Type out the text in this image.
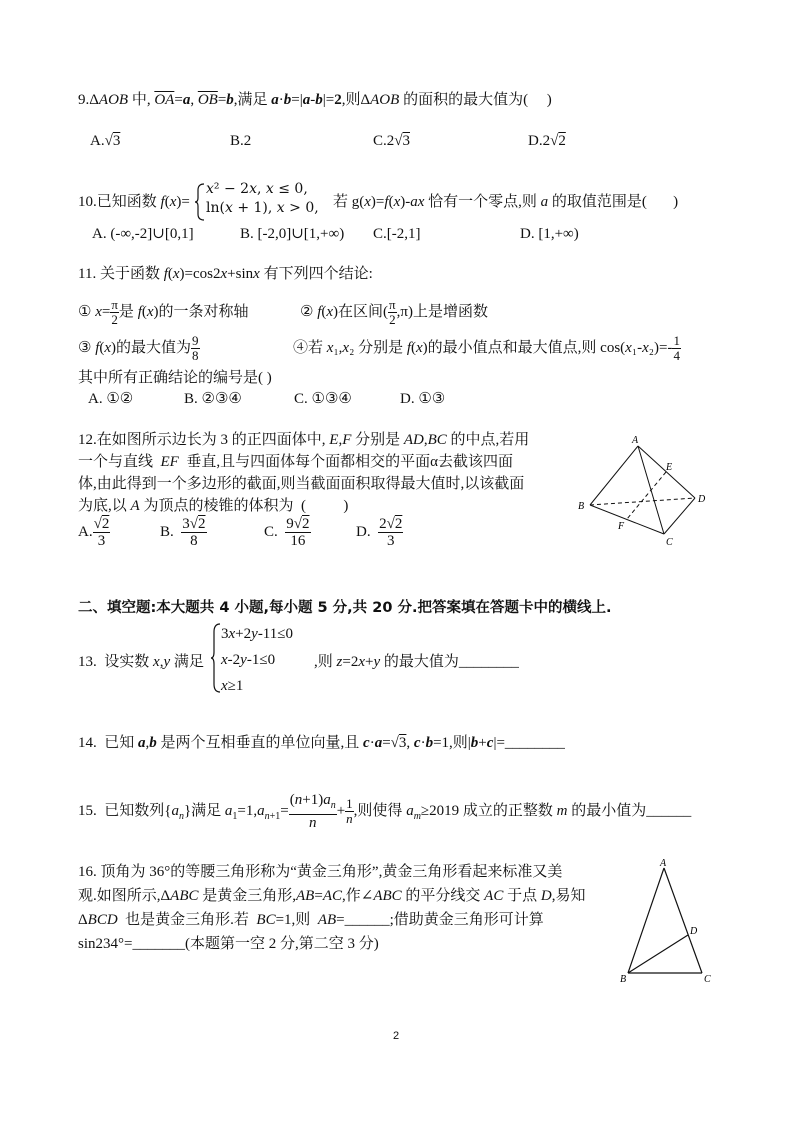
9.ΔAOB 中, $\overline{OA}=a$, $\overline{OB}=b$,满足 a·b=|a-b|=2,则ΔAOB 的面积的最大值为(     )
A.√3	B.2	C.2√3	D.2√2
10.已知函数 f(x)=
x² − 2x, x ≤ 0,
ln(x + 1), x > 0, 若 g(x)=f(x)-ax 恰有一个零点,则 a 的取值范围是(       )
A. (-∞,-2]∪[0,1]	B. [-2,0]∪[1,+∞) C.[-2,1]	D. [1,+∞)
11. 关于函数 f(x)=cos2x+sinx 有下列四个结论:
① $x= \frac{\pi}{2}$ 是 f(x)的一条对称轴	② f(x)在区间( $\frac{\pi}{2} ,\pi$)上是增函数
③ f(x)的最大值为 $\frac{9}{8}$	④若 x₁,x₂ 分别是 f(x)的最小值点和最大值点,则 $\cos(x_1-x_2)=- \frac{1}{4}$
其中所有正确结论的编号是( )
A. ①②	B. ②③④	C. ①③④	D. ①③
12.在如图所示边长为 3 的正四面体中, E,F 分别是 AD,BC 的中点,若用
一个与直线  EF  垂直,且与四面体每个面都相交的平面α去截该四面
体,由此得到一个多边形的截面,则当截面面积取得最大值时,以该截面
为底,以 A 为顶点的棱锥的体积为  (          )
A. $\frac{√2}{3}$	B. $\frac{3√2}{8}$	C. $\frac{9√2}{16}$	D. $\frac{2√2}{3}$
A
E
B
D
F
C
二、填空题:本大题共 4 小题,每小题 5 分,共 20 分.把答案填在答题卡中的横线上.
13.  设实数 x,y 满足
3x+2y-11≤0
x-2y-1≤0
x≥1
,则 z=2x+y 的最大值为________
14.  已知 a,b 是两个互相垂直的单位向量,且 c·a=√3, c·b=1,则|b+c|=________
15.  已知数列$\{a_n\}$满足 $a_1=1,a_{n+1}= \frac{(n+1)a_n}{n} + \frac{1}{n}$ ,则使得 $a_m\ge 2019$ 成立的正整数 m 的最小值为______
16. 顶角为 36°的等腰三角形称为“黄金三角形”,黄金三角形看起来标准又美
观.如图所示,ΔABC 是黄金三角形,AB=AC,作∠ABC 的平分线交 AC 于点 D,易知
ΔBCD  也是黄金三角形.若  BC=1,则  AB=______;借助黄金三角形可计算
sin234°=_______(本题第一空 2 分,第二空 3 分)
A
D
B	C
2
